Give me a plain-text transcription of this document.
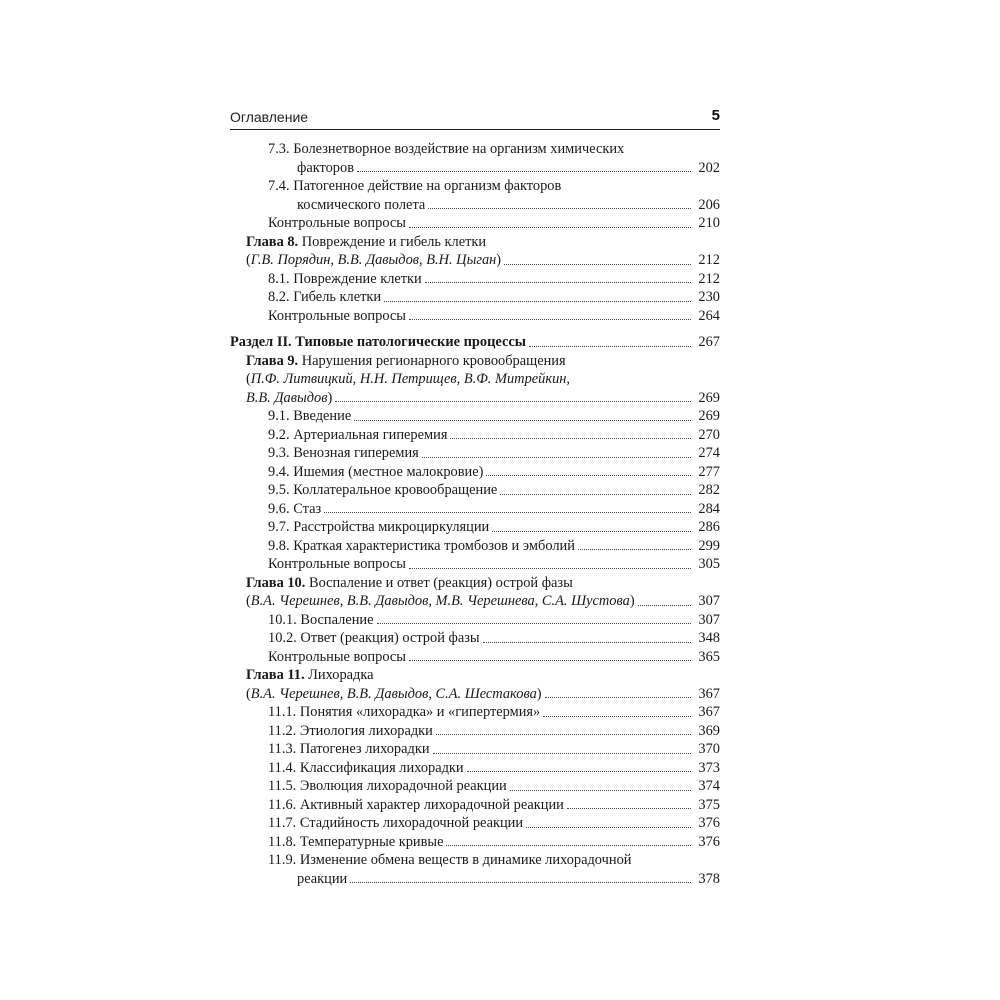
Оглавление	5
7.3. Болезнетворное воздействие на организм химических
факторов	202
7.4. Патогенное действие на организм факторов
космического полета	206
Контрольные вопросы	210
Глава 8. Повреждение и гибель клетки
(Г.В. Порядин, В.В. Давыдов, В.Н. Цыган)	212
8.1. Повреждение клетки	212
8.2. Гибель клетки	230
Контрольные вопросы	264
Раздел II. Типовые патологические процессы	267
Глава 9. Нарушения регионарного кровообращения
(П.Ф. Литвицкий, Н.Н. Петрищев, В.Ф. Митрейкин,
В.В. Давыдов)	269
9.1. Введение	269
9.2. Артериальная гиперемия	270
9.3. Венозная гиперемия	274
9.4. Ишемия (местное малокровие)	277
9.5. Коллатеральное кровообращение	282
9.6. Стаз	284
9.7. Расстройства микроциркуляции	286
9.8. Краткая характеристика тромбозов и эмболий	299
Контрольные вопросы	305
Глава 10. Воспаление и ответ (реакция) острой фазы
(В.А. Черешнев, В.В. Давыдов, М.В. Черешнева, С.А. Шустова)	307
10.1. Воспаление	307
10.2. Ответ (реакция) острой фазы	348
Контрольные вопросы	365
Глава 11. Лихорадка
(В.А. Черешнев, В.В. Давыдов, С.А. Шестакова)	367
11.1. Понятия «лихорадка» и «гипертермия»	367
11.2. Этиология лихорадки	369
11.3. Патогенез лихорадки	370
11.4. Классификация лихорадки	373
11.5. Эволюция лихорадочной реакции	374
11.6. Активный характер лихорадочной реакции	375
11.7. Стадийность лихорадочной реакции	376
11.8. Температурные кривые	376
11.9. Изменение обмена веществ в динамике лихорадочной
реакции	378
